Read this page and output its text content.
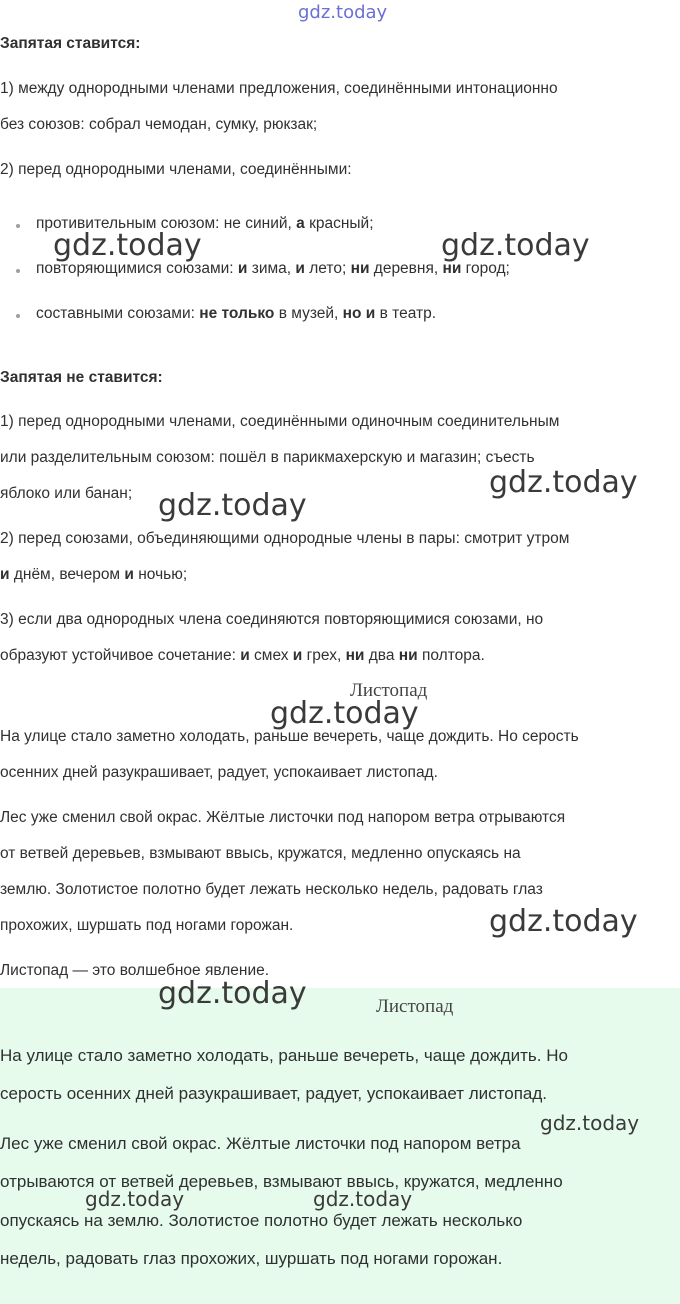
gdz.today
Запятая ставится:
1) между однородными членами предложения, соединёнными интонационно
без союзов: собрал чемодан, сумку, рюкзак;
2) перед однородными членами, соединёнными:
противительным союзом: не синий, а красный;
повторяющимися союзами: и зима, и лето; ни деревня, ни город;
составными союзами: не только в музей, но и в театр.
Запятая не ставится:
1) перед однородными членами, соединёнными одиночным соединительным
или разделительным союзом: пошёл в парикмахерскую и магазин; съесть
яблоко или банан;
2) перед союзами, объединяющими однородные члены в пары: смотрит утром
и днём, вечером и ночью;
3) если два однородных члена соединяются повторяющимися союзами, но
образуют устойчивое сочетание: и смех и грех, ни два ни полтора.
Листопад
На улице стало заметно холодать, раньше вечереть, чаще дождить. Но серость
осенних дней разукрашивает, радует, успокаивает листопад.
Лес уже сменил свой окрас. Жёлтые листочки под напором ветра отрываются
от ветвей деревьев, взмывают ввысь, кружатся, медленно опускаясь на
землю. Золотистое полотно будет лежать несколько недель, радовать глаз
прохожих, шуршать под ногами горожан.
Листопад — это волшебное явление.
Листопад
На улице стало заметно холодать, раньше вечереть, чаще дождить. Но
серость осенних дней разукрашивает, радует, успокаивает листопад.
Лес уже сменил свой окрас. Жёлтые листочки под напором ветра
отрываются от ветвей деревьев, взмывают ввысь, кружатся, медленно
опускаясь на землю. Золотистое полотно будет лежать несколько
недель, радовать глаз прохожих, шуршать под ногами горожан.
gdz.today	gdz.today
gdz.today
gdz.today
gdz.today
gdz.today
gdz.today
gdz.today
gdz.today	gdz.today
